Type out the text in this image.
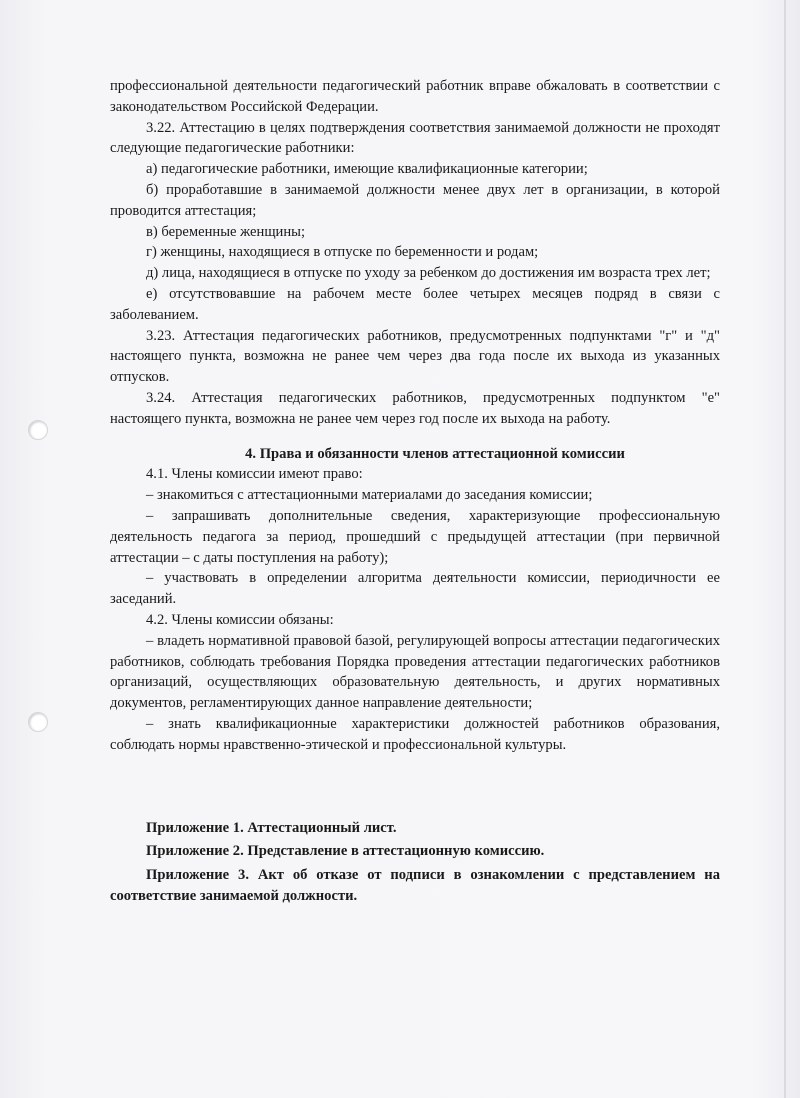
профессиональной деятельности педагогический работник вправе обжаловать в соответствии с законодательством Российской Федерации.

3.22. Аттестацию в целях подтверждения соответствия занимаемой должности не проходят следующие педагогические работники:

а) педагогические работники, имеющие квалификационные категории;

б) проработавшие в занимаемой должности менее двух лет в организации, в которой проводится аттестация;

в) беременные женщины;

г) женщины, находящиеся в отпуске по беременности и родам;

д) лица, находящиеся в отпуске по уходу за ребенком до достижения им возраста трех лет;

е) отсутствовавшие на рабочем месте более четырех месяцев подряд в связи с заболеванием.

3.23. Аттестация педагогических работников, предусмотренных подпунктами "г" и "д" настоящего пункта, возможна не ранее чем через два года после их выхода из указанных отпусков.

3.24. Аттестация педагогических работников, предусмотренных подпунктом "е" настоящего пункта, возможна не ранее чем через год после их выхода на работу.

4. Права и обязанности членов аттестационной комиссии

4.1. Члены комиссии имеют право:

– знакомиться с аттестационными материалами до заседания комиссии;

– запрашивать дополнительные сведения, характеризующие профессиональную деятельность педагога за период, прошедший с предыдущей аттестации (при первичной аттестации – с даты поступления на работу);

– участвовать в определении алгоритма деятельности комиссии, периодичности ее заседаний.

4.2. Члены комиссии обязаны:

– владеть нормативной правовой базой, регулирующей вопросы аттестации педагогических работников, соблюдать требования Порядка проведения аттестации педагогических работников организаций, осуществляющих образовательную деятельность, и других нормативных документов, регламентирующих данное направление деятельности;

– знать квалификационные характеристики должностей работников образования, соблюдать нормы нравственно-этической и профессиональной культуры.

Приложение 1. Аттестационный лист.

Приложение 2. Представление в аттестационную комиссию.

Приложение 3. Акт об отказе от подписи в ознакомлении с представлением на соответствие занимаемой должности.
